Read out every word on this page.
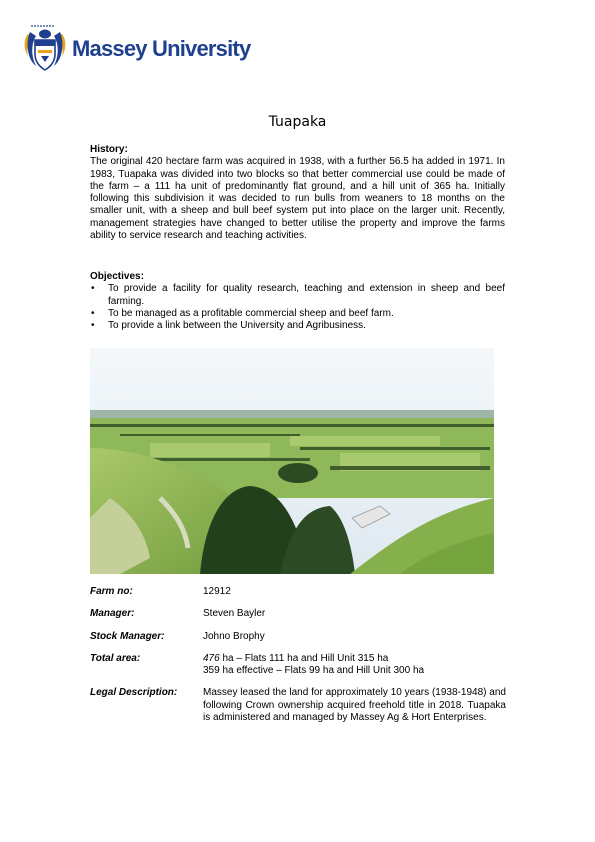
Massey University
Tuapaka
History:
The original 420 hectare farm was acquired in 1938, with a further 56.5 ha added in 1971. In 1983, Tuapaka was divided into two blocks so that better commercial use could be made of the farm – a 111 ha unit of predominantly flat ground, and a hill unit of 365 ha. Initially following this subdivision it was decided to run bulls from weaners to 18 months on the smaller unit, with a sheep and bull beef system put into place on the larger unit. Recently, management strategies have changed to better utilise the property and improve the farms ability to service research and teaching activities.
Objectives:
• To provide a facility for quality research, teaching and extension in sheep and beef farming.
• To be managed as a profitable commercial sheep and beef farm.
• To provide a link between the University and Agribusiness.
Farm no:	12912
Manager:	Steven Bayler
Stock Manager:	Johno Brophy
Total area:	476 ha – Flats 111 ha and Hill Unit 315 ha
359 ha effective – Flats 99 ha and Hill Unit 300 ha
Legal Description:	Massey leased the land for approximately 10 years (1938-1948) and following Crown ownership acquired freehold title in 2018. Tuapaka is administered and managed by Massey Ag & Hort Enterprises.
